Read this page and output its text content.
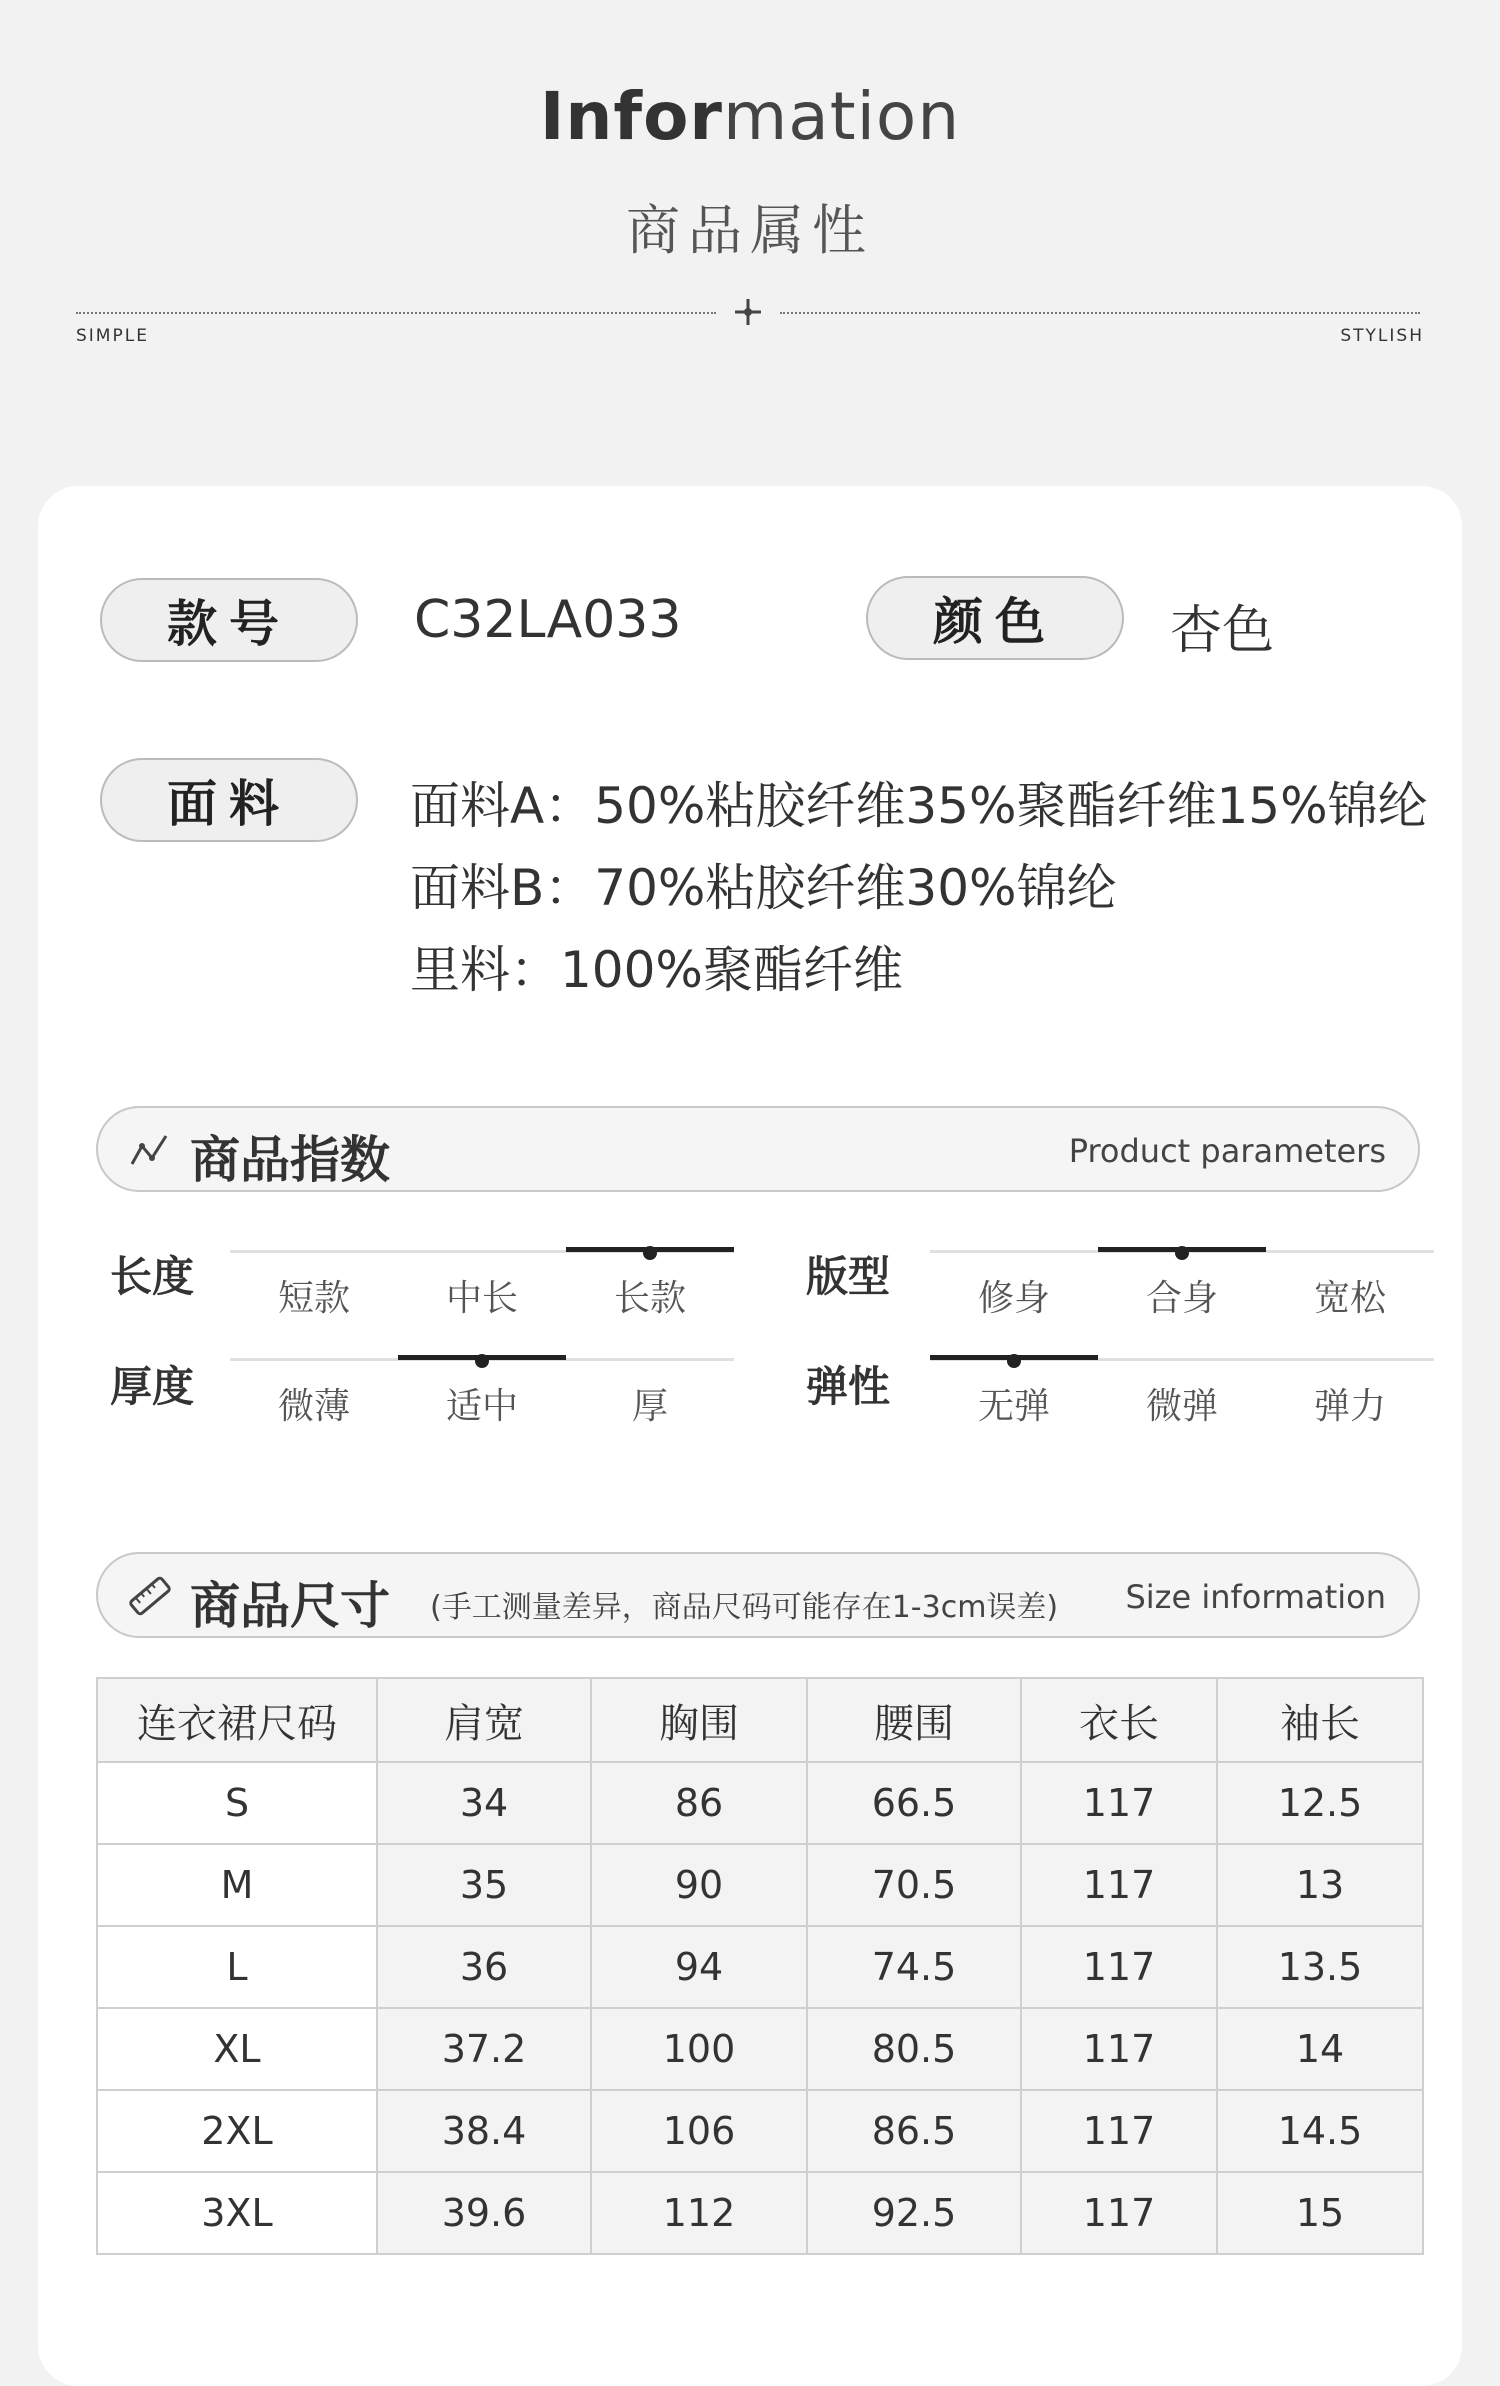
Information
商品属性
SIMPLE	STYLISH
款号	C32LA033	颜色	杏色
面料	面料A：50%粘胶纤维35%聚酯纤维15%锦纶
面料B：70%粘胶纤维30%锦纶
里料：100%聚酯纤维
商品指数	Product parameters
长度	短款	中长	长款	版型	修身	合身	宽松
厚度	微薄	适中	厚	弹性	无弹	微弹	弹力
商品尺寸 (手工测量差异，商品尺码可能存在1-3cm误差) Size information
连衣裙尺码	肩宽	胸围	腰围	衣长	袖长
S	34	86	66.5	117	12.5
M	35	90	70.5	117	13
L	36	94	74.5	117	13.5
XL	37.2	100	80.5	117	14
2XL	38.4	106	86.5	117	14.5
3XL	39.6	112	92.5	117	15
